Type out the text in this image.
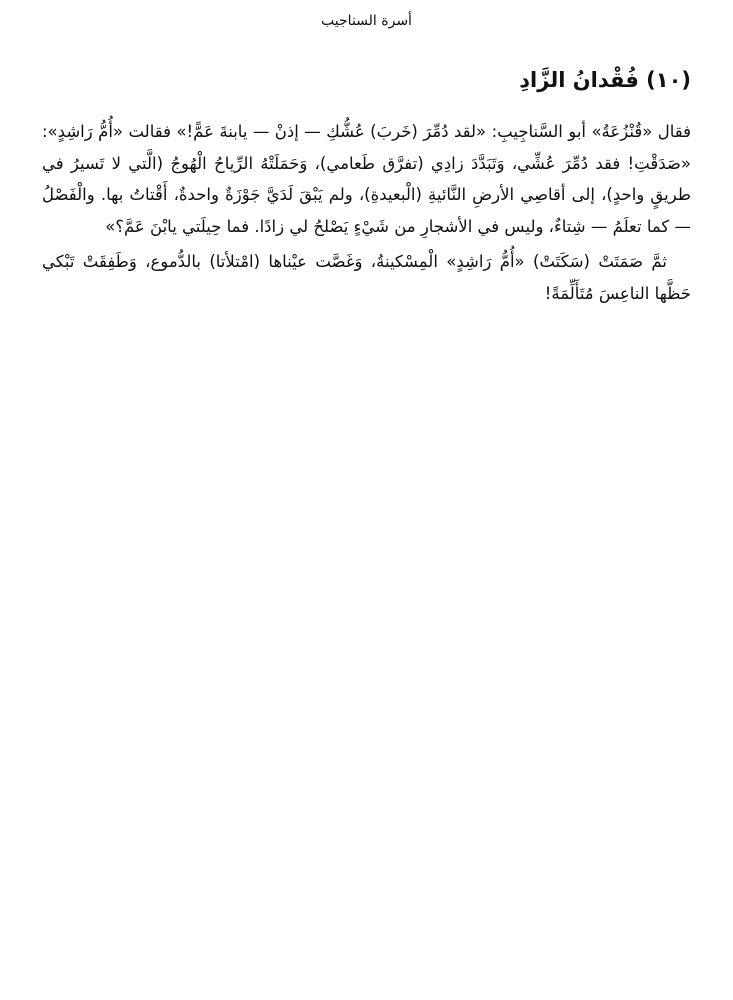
أسرة السناجيب
(١٠) فُقْدانُ الزَّادِ

فقال «قُنْزُعَةُ» أبو السَّناجِيبِ: «لقد دُمِّرَ (خَربَ) عُشُّكِ — إذنْ — يابنةَ عَمًّ!» فقالت «أُمُّ رَاشِدٍ»: «صَدَقْتِ! فقد دُمِّرَ عُشِّي، وَتَبَدَّدَ زادِي (تفرَّق طَعامي)، وَحَمَلَتْهُ الرِّياحُ الْهُوجُ (الَّتي لا تَسيرُ في طريقٍ واحدٍ)، إلى أقاصِي الأرضِ النَّائيةِ (الْبعيدةِ)، ولم يَبْقَ لَدَيَّ جَوْزَةٌ واحدةٌ، أَقْتاتُ بها. والْفَصْلُ — كما تعلَمُ — شِتاءٌ، وليس في الأشجارِ من شَيْءٍ يَصْلحُ لي زادًا. فما حِيلَتي يابْنَ عَمَّ؟»

ثمَّ صَمَتَتْ (سَكَتَتْ) «أُمُّ رَاشِدٍ» الْمِسْكينةُ، وَغَصَّت عيْناها (امْتلأتا) بالدُّموع، وَطَفِقَتْ تَبْكي حَظَّها الناعِسَ مُتَأَلِّمَةً!
